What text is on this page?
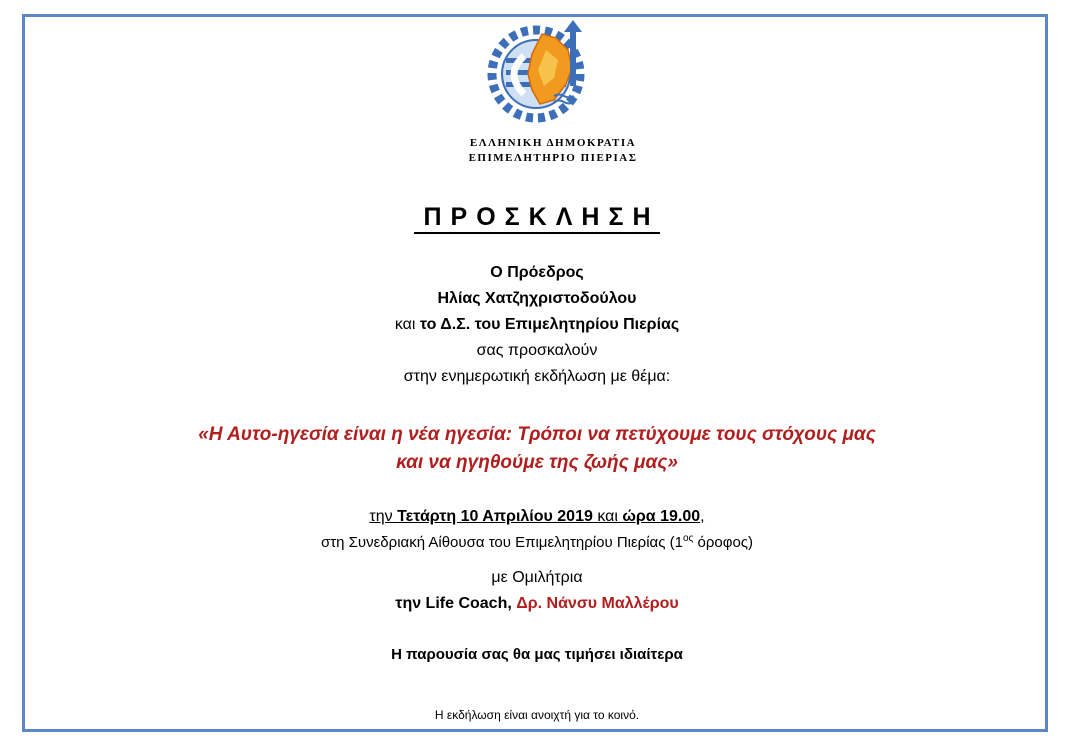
ΕΛΛΗΝΙΚΗ ΔΗΜΟΚΡΑΤΙΑ
ΕΠΙΜΕΛΗΤΗΡΙΟ ΠΙΕΡΙΑΣ
ΠΡΟΣΚΛΗΣΗ
Ο Πρόεδρος
Ηλίας Χατζηχριστοδούλου
και το Δ.Σ. του Επιμελητηρίου Πιερίας
σας προσκαλούν
στην ενημερωτική εκδήλωση με θέμα:
«Η Αυτο-ηγεσία είναι η νέα ηγεσία: Τρόποι να πετύχουμε τους στόχους μας
και να ηγηθούμε της ζωής μας»
την Τετάρτη 10 Απριλίου 2019 και ώρα 19.00,
στη Συνεδριακή Αίθουσα του Επιμελητηρίου Πιερίας ($1^{o\varsigma}$ όροφος)
με Ομιλήτρια
την Life Coach, Δρ. Νάνσυ Μαλλέρου
Η παρουσία σας θα μας τιμήσει ιδιαίτερα
Η εκδήλωση είναι ανοιχτή για το κοινό.
